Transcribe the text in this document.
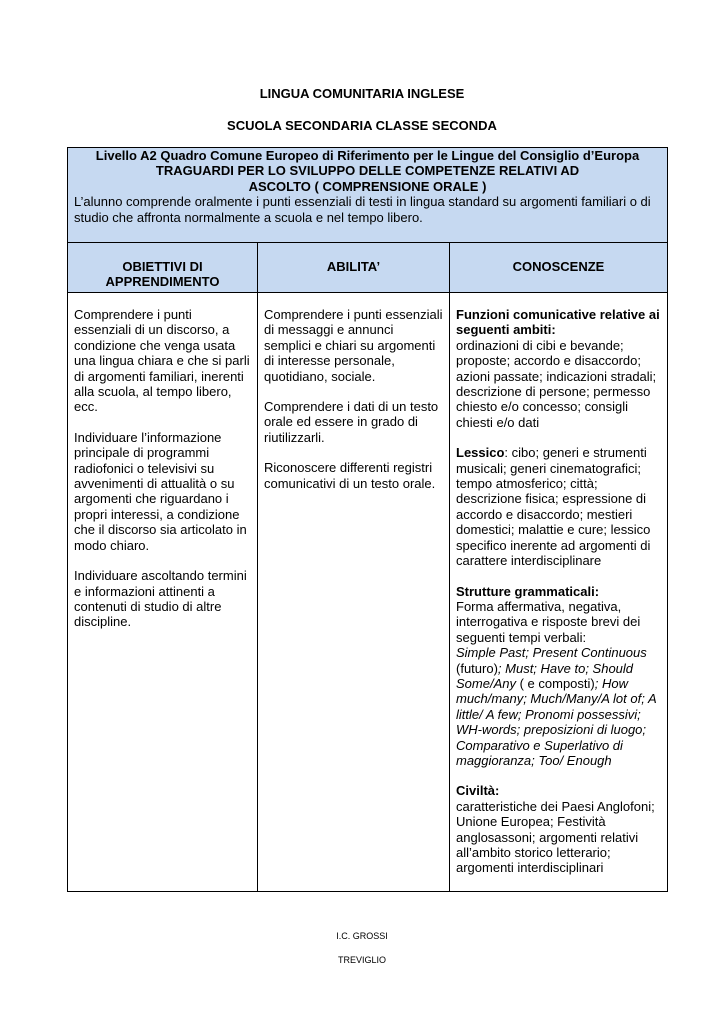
LINGUA COMUNITARIA INGLESE
SCUOLA SECONDARIA CLASSE SECONDA
Livello A2 Quadro Comune Europeo di Riferimento per le Lingue del Consiglio d’Europa
TRAGUARDI PER LO SVILUPPO DELLE COMPETENZE RELATIVI AD
ASCOLTO ( COMPRENSIONE ORALE )
L’alunno comprende oralmente i punti essenziali di testi in lingua standard su argomenti familiari o di studio che affronta normalmente a scuola e nel tempo libero.
OBIETTIVI DI APPRENDIMENTO
ABILITA’	CONOSCENZE

Comprendere i punti essenziali di un discorso, a condizione che venga usata una lingua chiara e che si parli di argomenti familiari, inerenti alla scuola, al tempo libero, ecc.

Individuare l’informazione principale di programmi radiofonici o televisivi su avvenimenti di attualità o su argomenti che riguardano i propri interessi, a condizione che il discorso sia articolato in modo chiaro.

Individuare ascoltando termini e informazioni attinenti a contenuti di studio di altre discipline.

Comprendere i punti essenziali di messaggi e annunci

semplici e chiari su argomenti di interesse personale, quotidiano, sociale.

Comprendere i dati di un testo orale ed essere in grado di riutilizzarli.

Riconoscere differenti registri comunicativi di un testo orale.

Funzioni comunicative relative ai seguenti ambiti:
ordinazioni di cibi e bevande; proposte; accordo e disaccordo; azioni passate; indicazioni stradali; descrizione di persone; permesso chiesto e/o concesso; consigli chiesti e/o dati

Lessico: cibo; generi e strumenti musicali; generi cinematografici; tempo atmosferico; città; descrizione fisica; espressione di accordo e disaccordo; mestieri domestici; malattie e cure; lessico specifico inerente ad argomenti di carattere interdisciplinare

Strutture grammaticali:
Forma affermativa, negativa, interrogativa e risposte brevi dei seguenti tempi verbali:
Simple Past; Present Continuous (futuro); Must; Have to; Should Some/Any ( e composti); How much/many; Much/Many/A lot of; A little/ A few; Pronomi possessivi; WH-words; preposizioni di luogo; Comparativo e Superlativo di maggioranza; Too/ Enough

Civiltà:
caratteristiche dei Paesi Anglofoni; Unione Europea; Festività anglosassoni; argomenti relativi all’ambito storico letterario; argomenti interdisciplinari

I.C. GROSSI
TREVIGLIO
